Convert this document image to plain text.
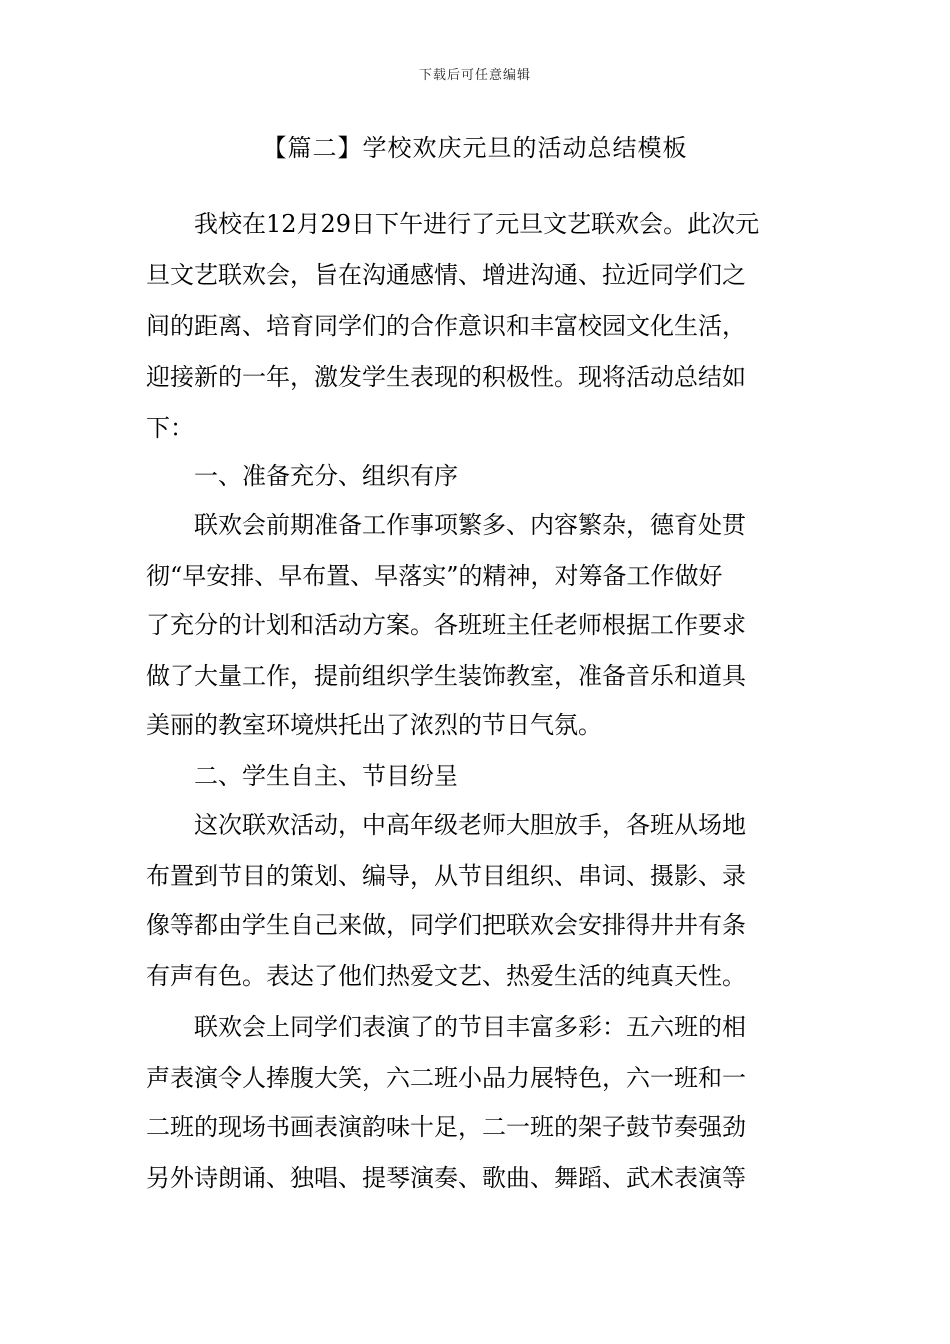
下载后可任意编辑
【篇二】学校欢庆元旦的活动总结模板

我校在12月29日下午进行了元旦文艺联欢会。此次元

旦文艺联欢会，旨在沟通感情、增进沟通、拉近同学们之

间的距离、培育同学们的合作意识和丰富校园文化生活，

迎接新的一年，激发学生表现的积极性。现将活动总结如

下：

一、准备充分、组织有序

联欢会前期准备工作事项繁多、内容繁杂，德育处贯

彻“早安排、早布置、早落实”的精神，对筹备工作做好

了充分的计划和活动方案。各班班主任老师根据工作要求

做了大量工作，提前组织学生装饰教室，准备音乐和道具

美丽的教室环境烘托出了浓烈的节日气氛。

二、学生自主、节目纷呈

这次联欢活动，中高年级老师大胆放手，各班从场地

布置到节目的策划、编导，从节目组织、串词、摄影、录

像等都由学生自己来做，同学们把联欢会安排得井井有条

有声有色。表达了他们热爱文艺、热爱生活的纯真天性。

联欢会上同学们表演了的节目丰富多彩：五六班的相

声表演令人捧腹大笑，六二班小品力展特色，六一班和一

二班的现场书画表演韵味十足，二一班的架子鼓节奏强劲

另外诗朗诵、独唱、提琴演奏、歌曲、舞蹈、武术表演等
